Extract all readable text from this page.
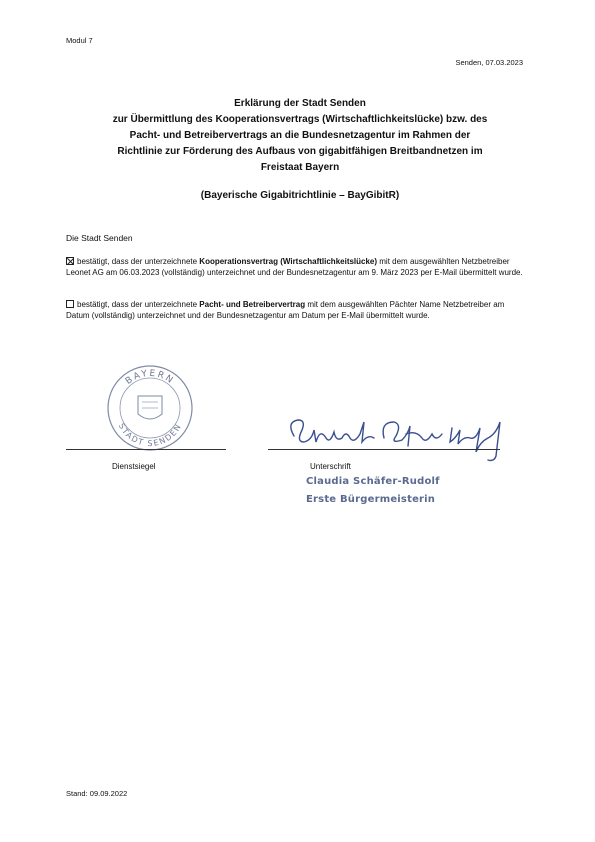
Modul 7
Senden, 07.03.2023
Erklärung der Stadt Senden
zur Übermittlung des Kooperationsvertrags (Wirtschaftlichkeitslücke) bzw. des
Pacht- und Betreibervertrags an die Bundesnetzagentur im Rahmen der
Richtlinie zur Förderung des Aufbaus von gigabitfähigen Breitbandnetzen im
Freistaat Bayern
(Bayerische Gigabitrichtlinie – BayGibitR)
Die Stadt Senden
bestätigt, dass der unterzeichnete Kooperationsvertrag (Wirtschaftlichkeitslücke) mit dem ausgewählten Netzbetreiber Leonet AG am 06.03.2023 (vollständig) unterzeichnet und der Bundesnetzagentur am 9. März 2023 per E-Mail übermittelt wurde.
bestätigt, dass der unterzeichnete Pacht- und Betreibervertrag mit dem ausgewählten Pächter Name Netzbetreiber am Datum (vollständig) unterzeichnet und der Bundesnetzagentur am Datum per E-Mail übermittelt wurde.
BAYERN
STADT SENDEN
Dienstsiegel	Unterschrift
Claudia Schäfer-Rudolf
Erste Bürgermeisterin
Stand: 09.09.2022
